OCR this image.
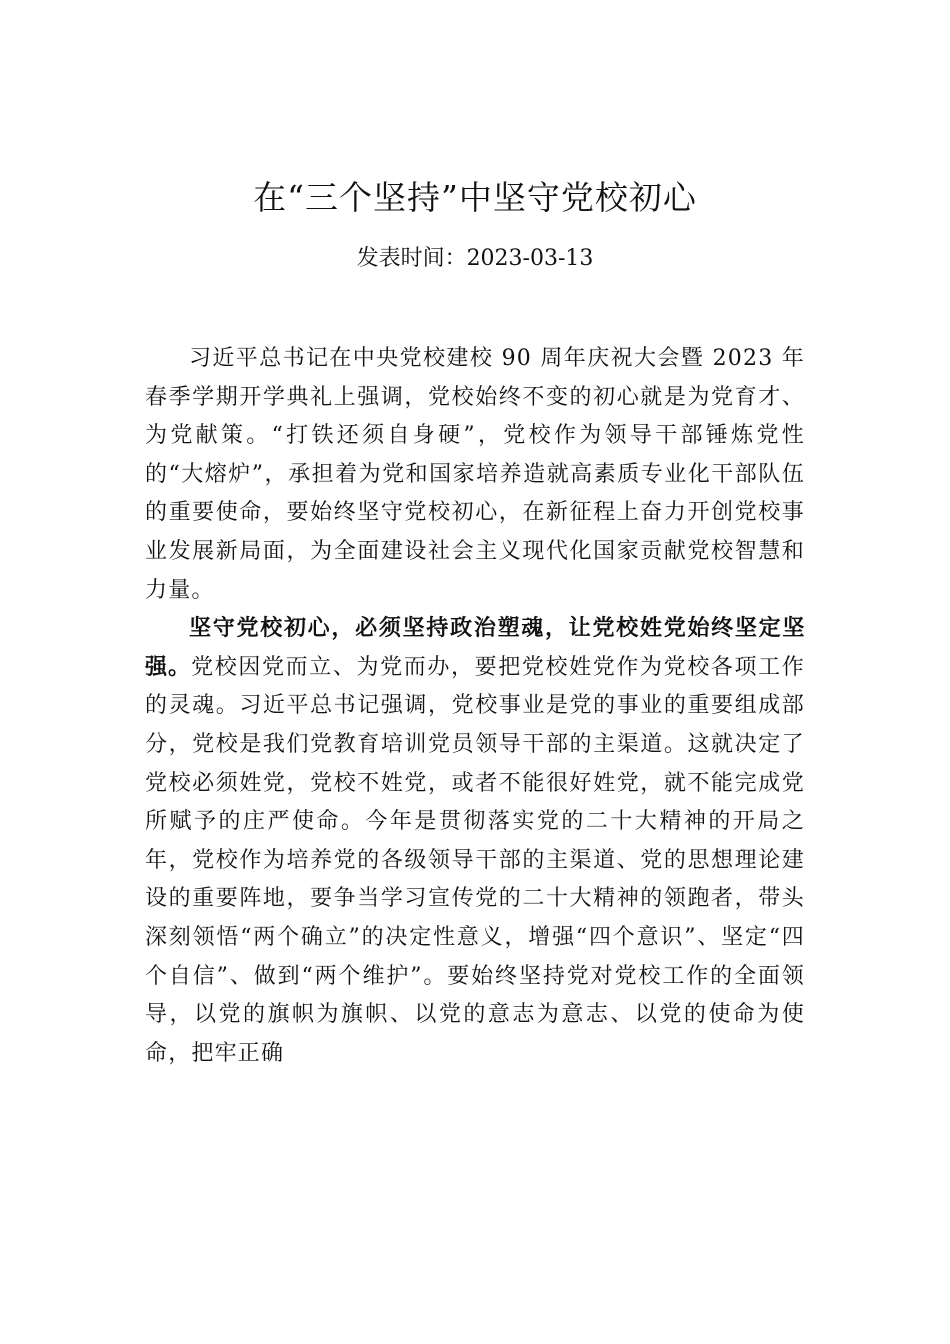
在“三个坚持”中坚守党校初心

发表时间：2023-03-13

习近平总书记在中央党校建校 90 周年庆祝大会暨 2023 年春季学期开学典礼上强调，党校始终不变的初心就是为党育才、为党献策。“打铁还须自身硬”，党校作为领导干部锤炼党性的“大熔炉”，承担着为党和国家培养造就高素质专业化干部队伍的重要使命，要始终坚守党校初心，在新征程上奋力开创党校事业发展新局面，为全面建设社会主义现代化国家贡献党校智慧和力量。

坚守党校初心，必须坚持政治塑魂，让党校姓党始终坚定坚强。党校因党而立、为党而办，要把党校姓党作为党校各项工作的灵魂。习近平总书记强调，党校事业是党的事业的重要组成部分，党校是我们党教育培训党员领导干部的主渠道。这就决定了党校必须姓党，党校不姓党，或者不能很好姓党，就不能完成党所赋予的庄严使命。今年是贯彻落实党的二十大精神的开局之年，党校作为培养党的各级领导干部的主渠道、党的思想理论建设的重要阵地，要争当学习宣传党的二十大精神的领跑者，带头深刻领悟“两个确立”的决定性意义，增强“四个意识”、坚定“四个自信”、做到“两个维护”。要始终坚持党对党校工作的全面领导，以党的旗帜为旗帜、以党的意志为意志、以党的使命为使命，把牢正确
